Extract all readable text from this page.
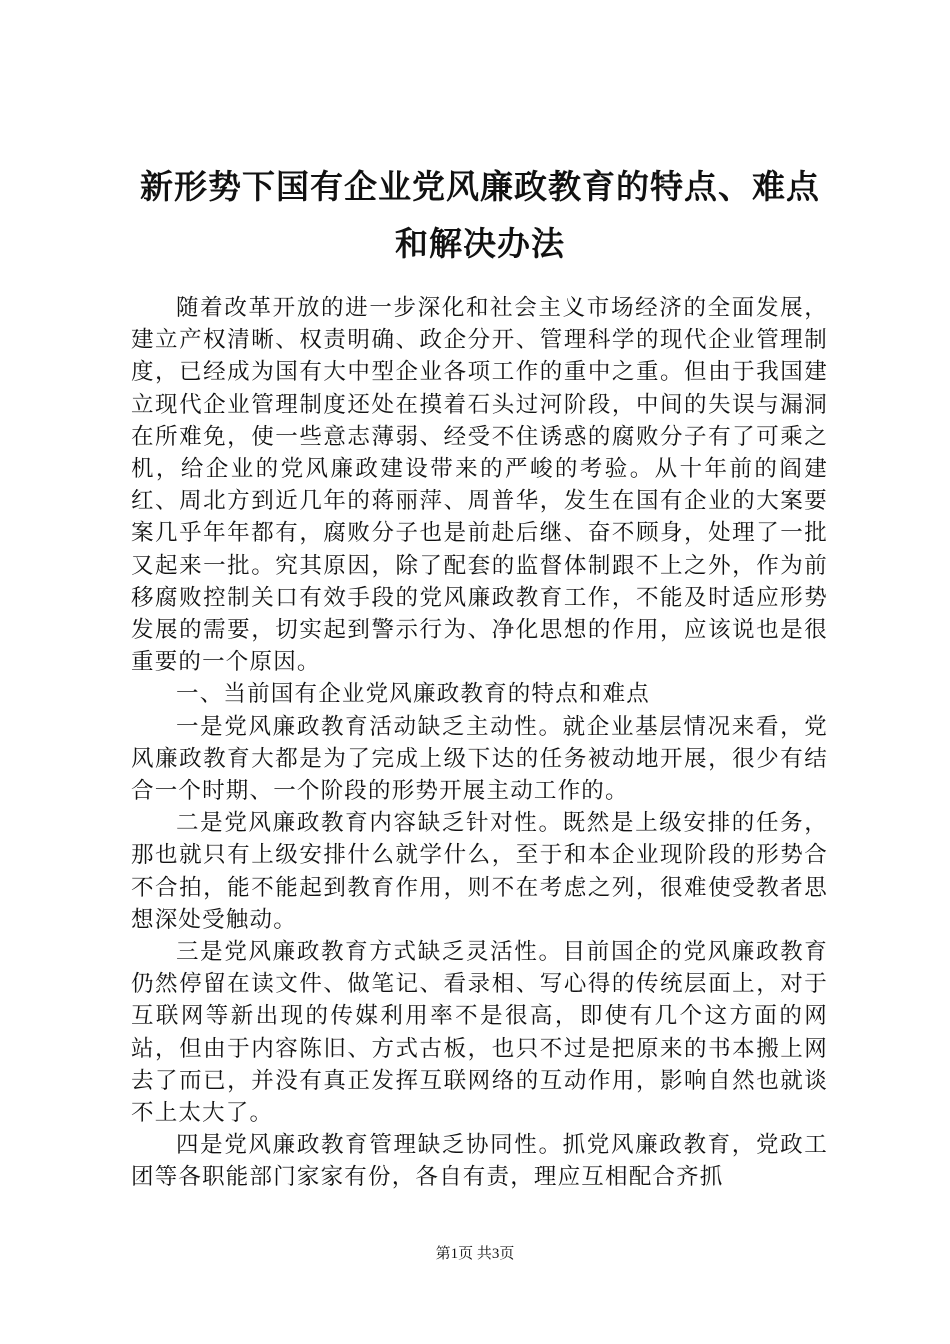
新形势下国有企业党风廉政教育的特点、难点
和解决办法

随着改革开放的进一步深化和社会主义市场经济的全面发展，建立产权清晰、权责明确、政企分开、管理科学的现代企业管理制度，已经成为国有大中型企业各项工作的重中之重。但由于我国建立现代企业管理制度还处在摸着石头过河阶段，中间的失误与漏洞在所难免，使一些意志薄弱、经受不住诱惑的腐败分子有了可乘之机，给企业的党风廉政建设带来的严峻的考验。从十年前的阎建红、周北方到近几年的蒋丽萍、周普华，发生在国有企业的大案要案几乎年年都有，腐败分子也是前赴后继、奋不顾身，处理了一批又起来一批。究其原因，除了配套的监督体制跟不上之外，作为前移腐败控制关口有效手段的党风廉政教育工作，不能及时适应形势发展的需要，切实起到警示行为、净化思想的作用，应该说也是很重要的一个原因。

一、当前国有企业党风廉政教育的特点和难点

一是党风廉政教育活动缺乏主动性。就企业基层情况来看，党风廉政教育大都是为了完成上级下达的任务被动地开展，很少有结合一个时期、一个阶段的形势开展主动工作的。

二是党风廉政教育内容缺乏针对性。既然是上级安排的任务，那也就只有上级安排什么就学什么，至于和本企业现阶段的形势合不合拍，能不能起到教育作用，则不在考虑之列，很难使受教者思想深处受触动。

三是党风廉政教育方式缺乏灵活性。目前国企的党风廉政教育仍然停留在读文件、做笔记、看录相、写心得的传统层面上，对于互联网等新出现的传媒利用率不是很高，即使有几个这方面的网站，但由于内容陈旧、方式古板，也只不过是把原来的书本搬上网去了而已，并没有真正发挥互联网络的互动作用，影响自然也就谈不上太大了。

四是党风廉政教育管理缺乏协同性。抓党风廉政教育，党政工团等各职能部门家家有份，各自有责，理应互相配合齐抓

第1页 共3页
